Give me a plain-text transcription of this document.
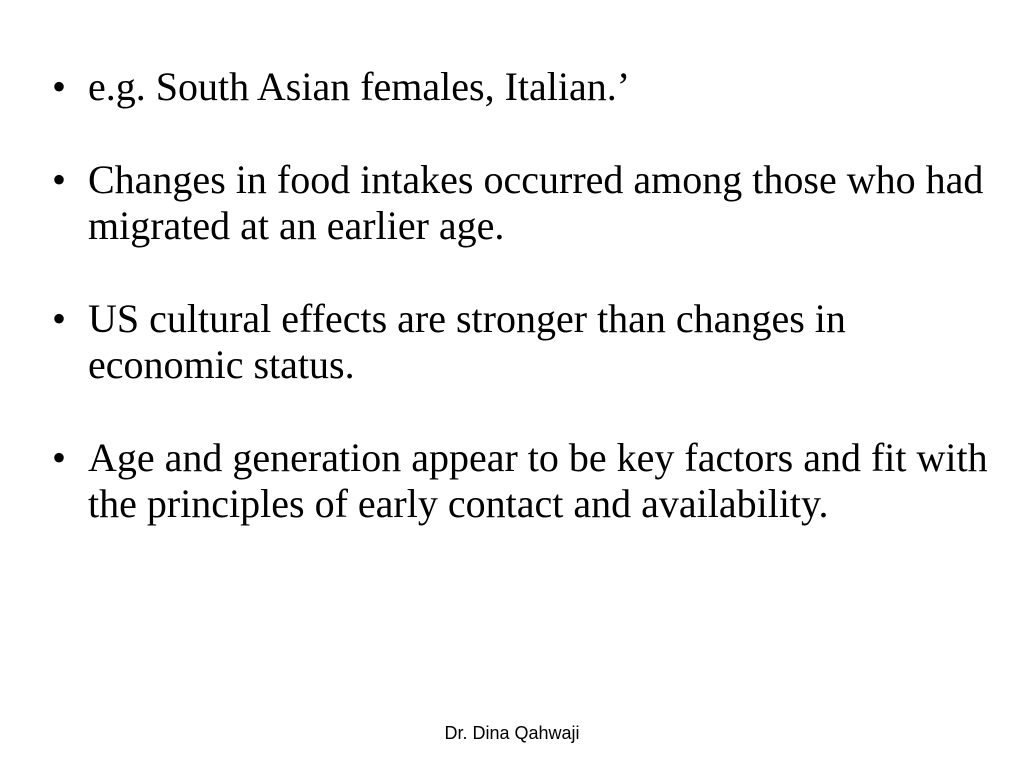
• e.g. South Asian females, Italian.’
• Changes in food intakes occurred among those who had migrated at an earlier age.
• US cultural effects are stronger than changes in economic status.
• Age and generation appear to be key factors and fit with the principles of early contact and availability.
Dr. Dina Qahwaji
